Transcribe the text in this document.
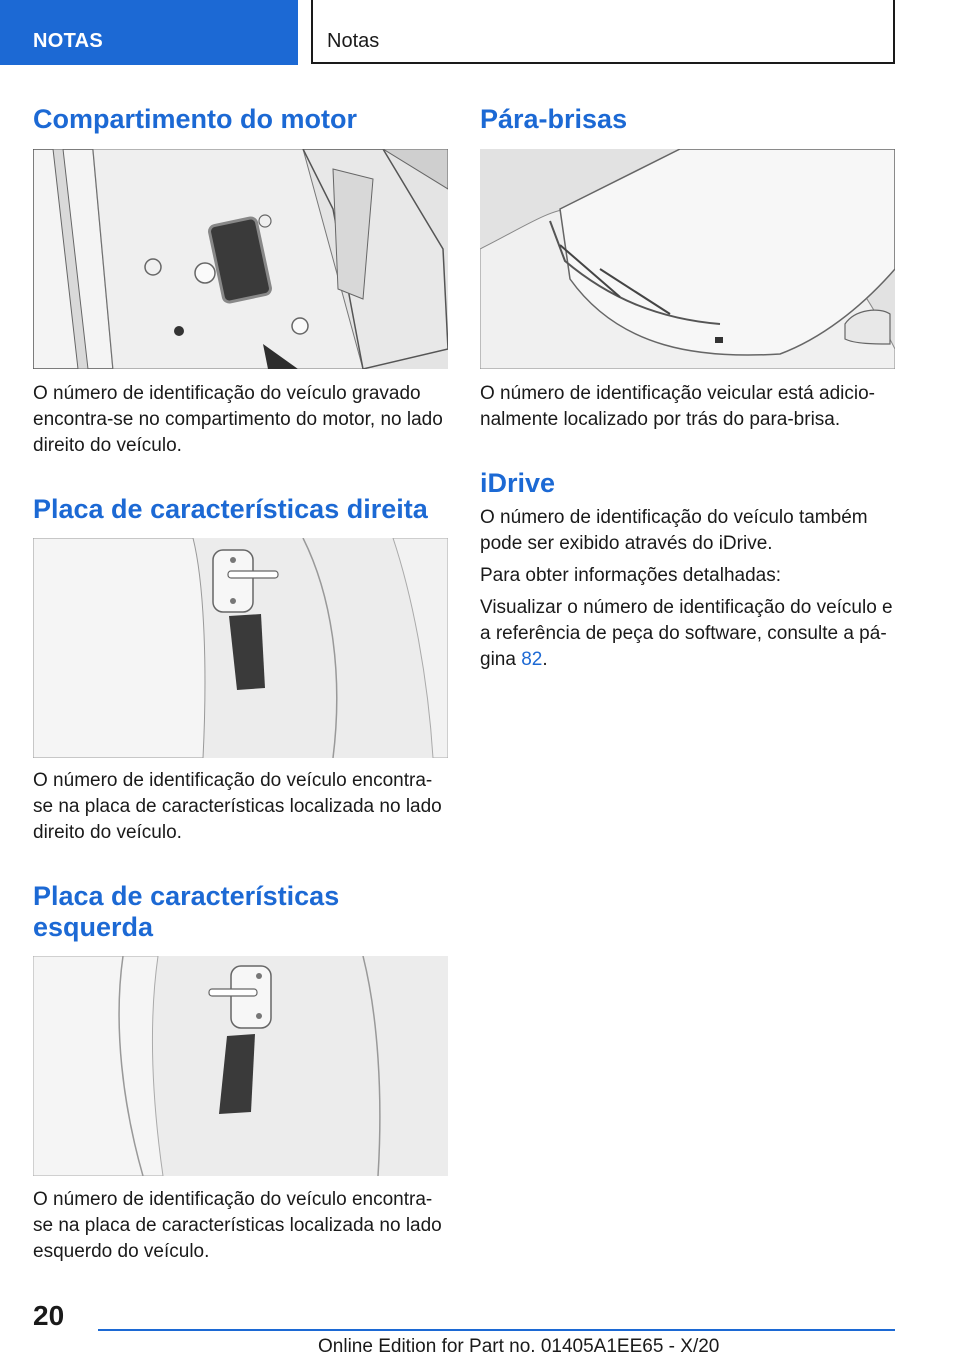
NOTAS	Notas
Compartimento do motor

O número de identificação do veículo gravado encontra-se no compartimento do motor, no lado direito do veículo.

Placa de características direita

O número de identificação do veículo encontra-se na placa de características localizada no lado direito do veículo.

Placa de características esquerda

O número de identificação do veículo encontra-se na placa de características localizada no lado esquerdo do veículo.

Pára-brisas

O número de identificação veicular está adicionalmente localizado por trás do para-brisa.

iDrive

O número de identificação do veículo também pode ser exibido através do iDrive.

Para obter informações detalhadas:

Visualizar o número de identificação do veículo e a referência de peça do software, consulte a página 82.

20
Online Edition for Part no. 01405A1EE65 - X/20
